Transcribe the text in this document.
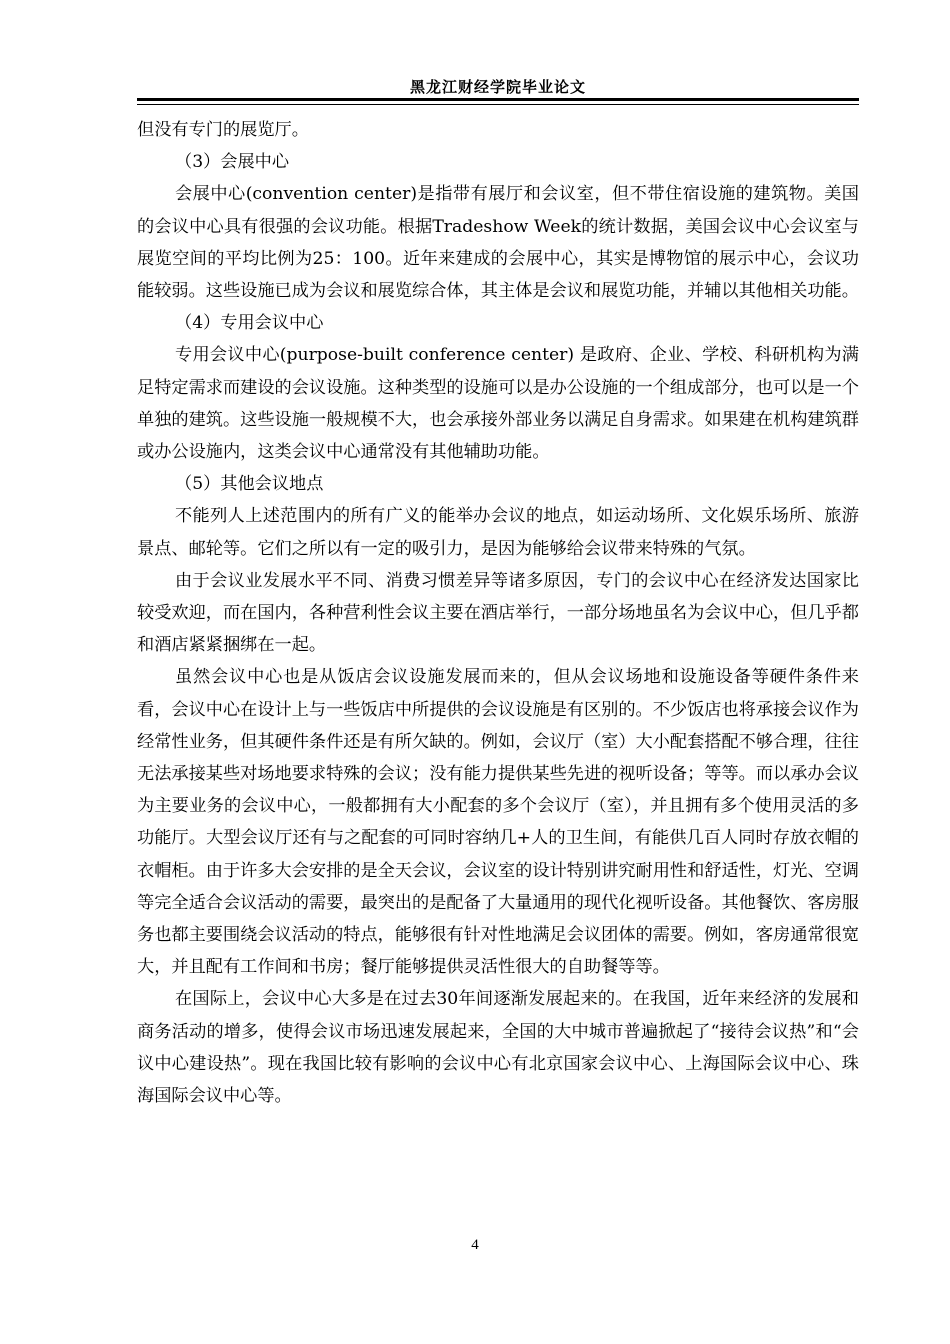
黑龙江财经学院毕业论文

但没有专门的展览厅。

（3）会展中心

会展中心(convention center)是指带有展厅和会议室，但不带住宿设施的建筑物。美国的会议中心具有很强的会议功能。根据Tradeshow Week的统计数据，美国会议中心会议室与展览空间的平均比例为25：100。近年来建成的会展中心，其实是博物馆的展示中心，会议功能较弱。这些设施已成为会议和展览综合体，其主体是会议和展览功能，并辅以其他相关功能。

（4）专用会议中心

专用会议中心(purpose-built conference center) 是政府、企业、学校、科研机构为满足特定需求而建设的会议设施。这种类型的设施可以是办公设施的一个组成部分，也可以是一个单独的建筑。这些设施一般规模不大，也会承接外部业务以满足自身需求。如果建在机构建筑群或办公设施内，这类会议中心通常没有其他辅助功能。

（5）其他会议地点

不能列人上述范围内的所有广义的能举办会议的地点，如运动场所、文化娱乐场所、旅游景点、邮轮等。它们之所以有一定的吸引力，是因为能够给会议带来特殊的气氛。

由于会议业发展水平不同、消费习惯差异等诸多原因，专门的会议中心在经济发达国家比较受欢迎，而在国内，各种营利性会议主要在酒店举行，一部分场地虽名为会议中心，但几乎都和酒店紧紧捆绑在一起。

虽然会议中心也是从饭店会议设施发展而来的，但从会议场地和设施设备等硬件条件来看，会议中心在设计上与一些饭店中所提供的会议设施是有区别的。不少饭店也将承接会议作为经常性业务，但其硬件条件还是有所欠缺的。例如，会议厅（室）大小配套搭配不够合理，往往无法承接某些对场地要求特殊的会议；没有能力提供某些先进的视听设备；等等。而以承办会议为主要业务的会议中心，一般都拥有大小配套的多个会议厅（室），并且拥有多个使用灵活的多功能厅。大型会议厅还有与之配套的可同时容纳几+人的卫生间，有能供几百人同时存放衣帽的衣帽柜。由于许多大会安排的是全天会议，会议室的设计特别讲究耐用性和舒适性，灯光、空调等完全适合会议活动的需要，最突出的是配备了大量通用的现代化视听设备。其他餐饮、客房服务也都主要围绕会议活动的特点，能够很有针对性地满足会议团体的需要。例如，客房通常很宽大，并且配有工作间和书房；餐厅能够提供灵活性很大的自助餐等等。

在国际上，会议中心大多是在过去30年间逐渐发展起来的。在我国，近年来经济的发展和商务活动的增多，使得会议市场迅速发展起来，全国的大中城市普遍掀起了“接待会议热”和“会议中心建设热”。现在我国比较有影响的会议中心有北京国家会议中心、上海国际会议中心、珠海国际会议中心等。

4
